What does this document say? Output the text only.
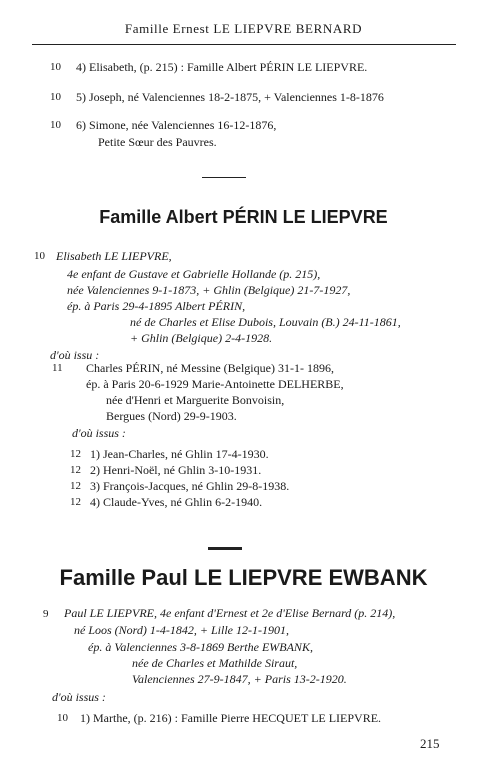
Famille Ernest LE LIEPVRE BERNARD
10 4) Elisabeth, (p. 215) : Famille Albert PÉRIN LE LIEPVRE.
10 5) Joseph, né Valenciennes 18-2-1875, + Valenciennes 1-8-1876
10 6) Simone, née Valenciennes 16-12-1876,
Petite Sœur des Pauvres.
Famille Albert PÉRIN LE LIEPVRE
10 Elisabeth LE LIEPVRE,
4e enfant de Gustave et Gabrielle Hollande (p. 215),
née Valenciennes 9-1-1873, + Ghlin (Belgique) 21-7-1927,
ép. à Paris 29-4-1895 Albert PÉRIN,
né de Charles et Elise Dubois, Louvain (B.) 24-11-1861,
+ Ghlin (Belgique) 2-4-1928.
d'où issu :
11 Charles PÉRIN, né Messine (Belgique) 31-1- 1896,
ép. à Paris 20-6-1929 Marie-Antoinette DELHERBE,
née d'Henri et Marguerite Bonvoisin,
Bergues (Nord) 29-9-1903.
d'où issus :
12 1) Jean-Charles, né Ghlin 17-4-1930.
12 2) Henri-Noël, né Ghlin 3-10-1931.
12 3) François-Jacques, né Ghlin 29-8-1938.
12 4) Claude-Yves, né Ghlin 6-2-1940.
Famille Paul LE LIEPVRE EWBANK
9 Paul LE LIEPVRE, 4e enfant d'Ernest et 2e d'Elise Bernard (p. 214),
né Loos (Nord) 1-4-1842, + Lille 12-1-1901,
ép. à Valenciennes 3-8-1869 Berthe EWBANK,
née de Charles et Mathilde Siraut,
Valenciennes 27-9-1847, + Paris 13-2-1920.
d'où issus :
10 1) Marthe, (p. 216) : Famille Pierre HECQUET LE LIEPVRE.
215
